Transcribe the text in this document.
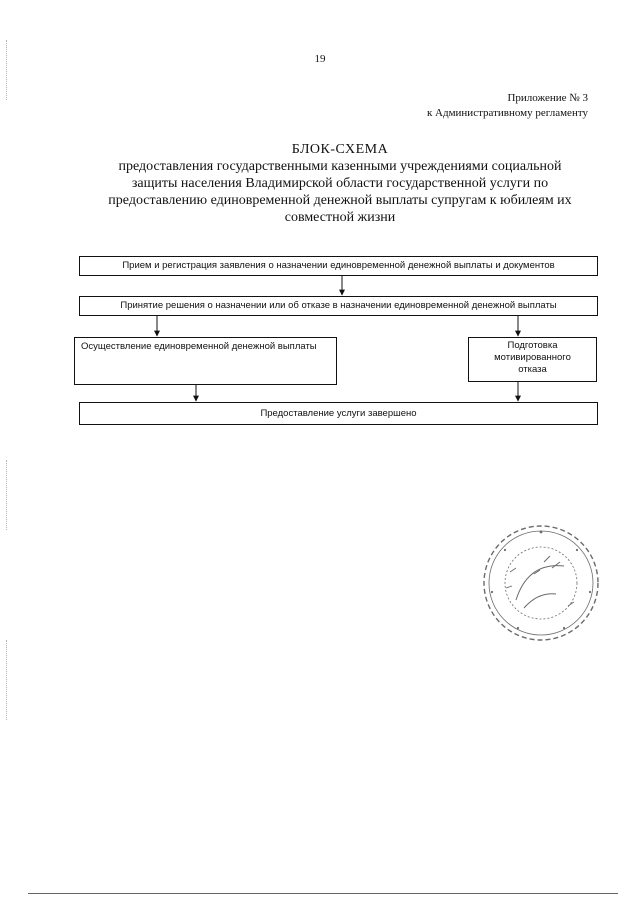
19
Приложение № 3
к Административному регламенту
БЛОК-СХЕМА
предоставления государственными казенными учреждениями социальной
защиты населения Владимирской области государственной услуги по
предоставлению единовременной денежной выплаты супругам к юбилеям их
совместной жизни
Прием и регистрация заявления о назначении единовременной денежной выплаты и документов
Принятие решения о назначении или об отказе в назначении единовременной денежной выплаты
Осуществление единовременной денежной выплаты	Подготовка
мотивированного
отказа
Предоставление услуги завершено
